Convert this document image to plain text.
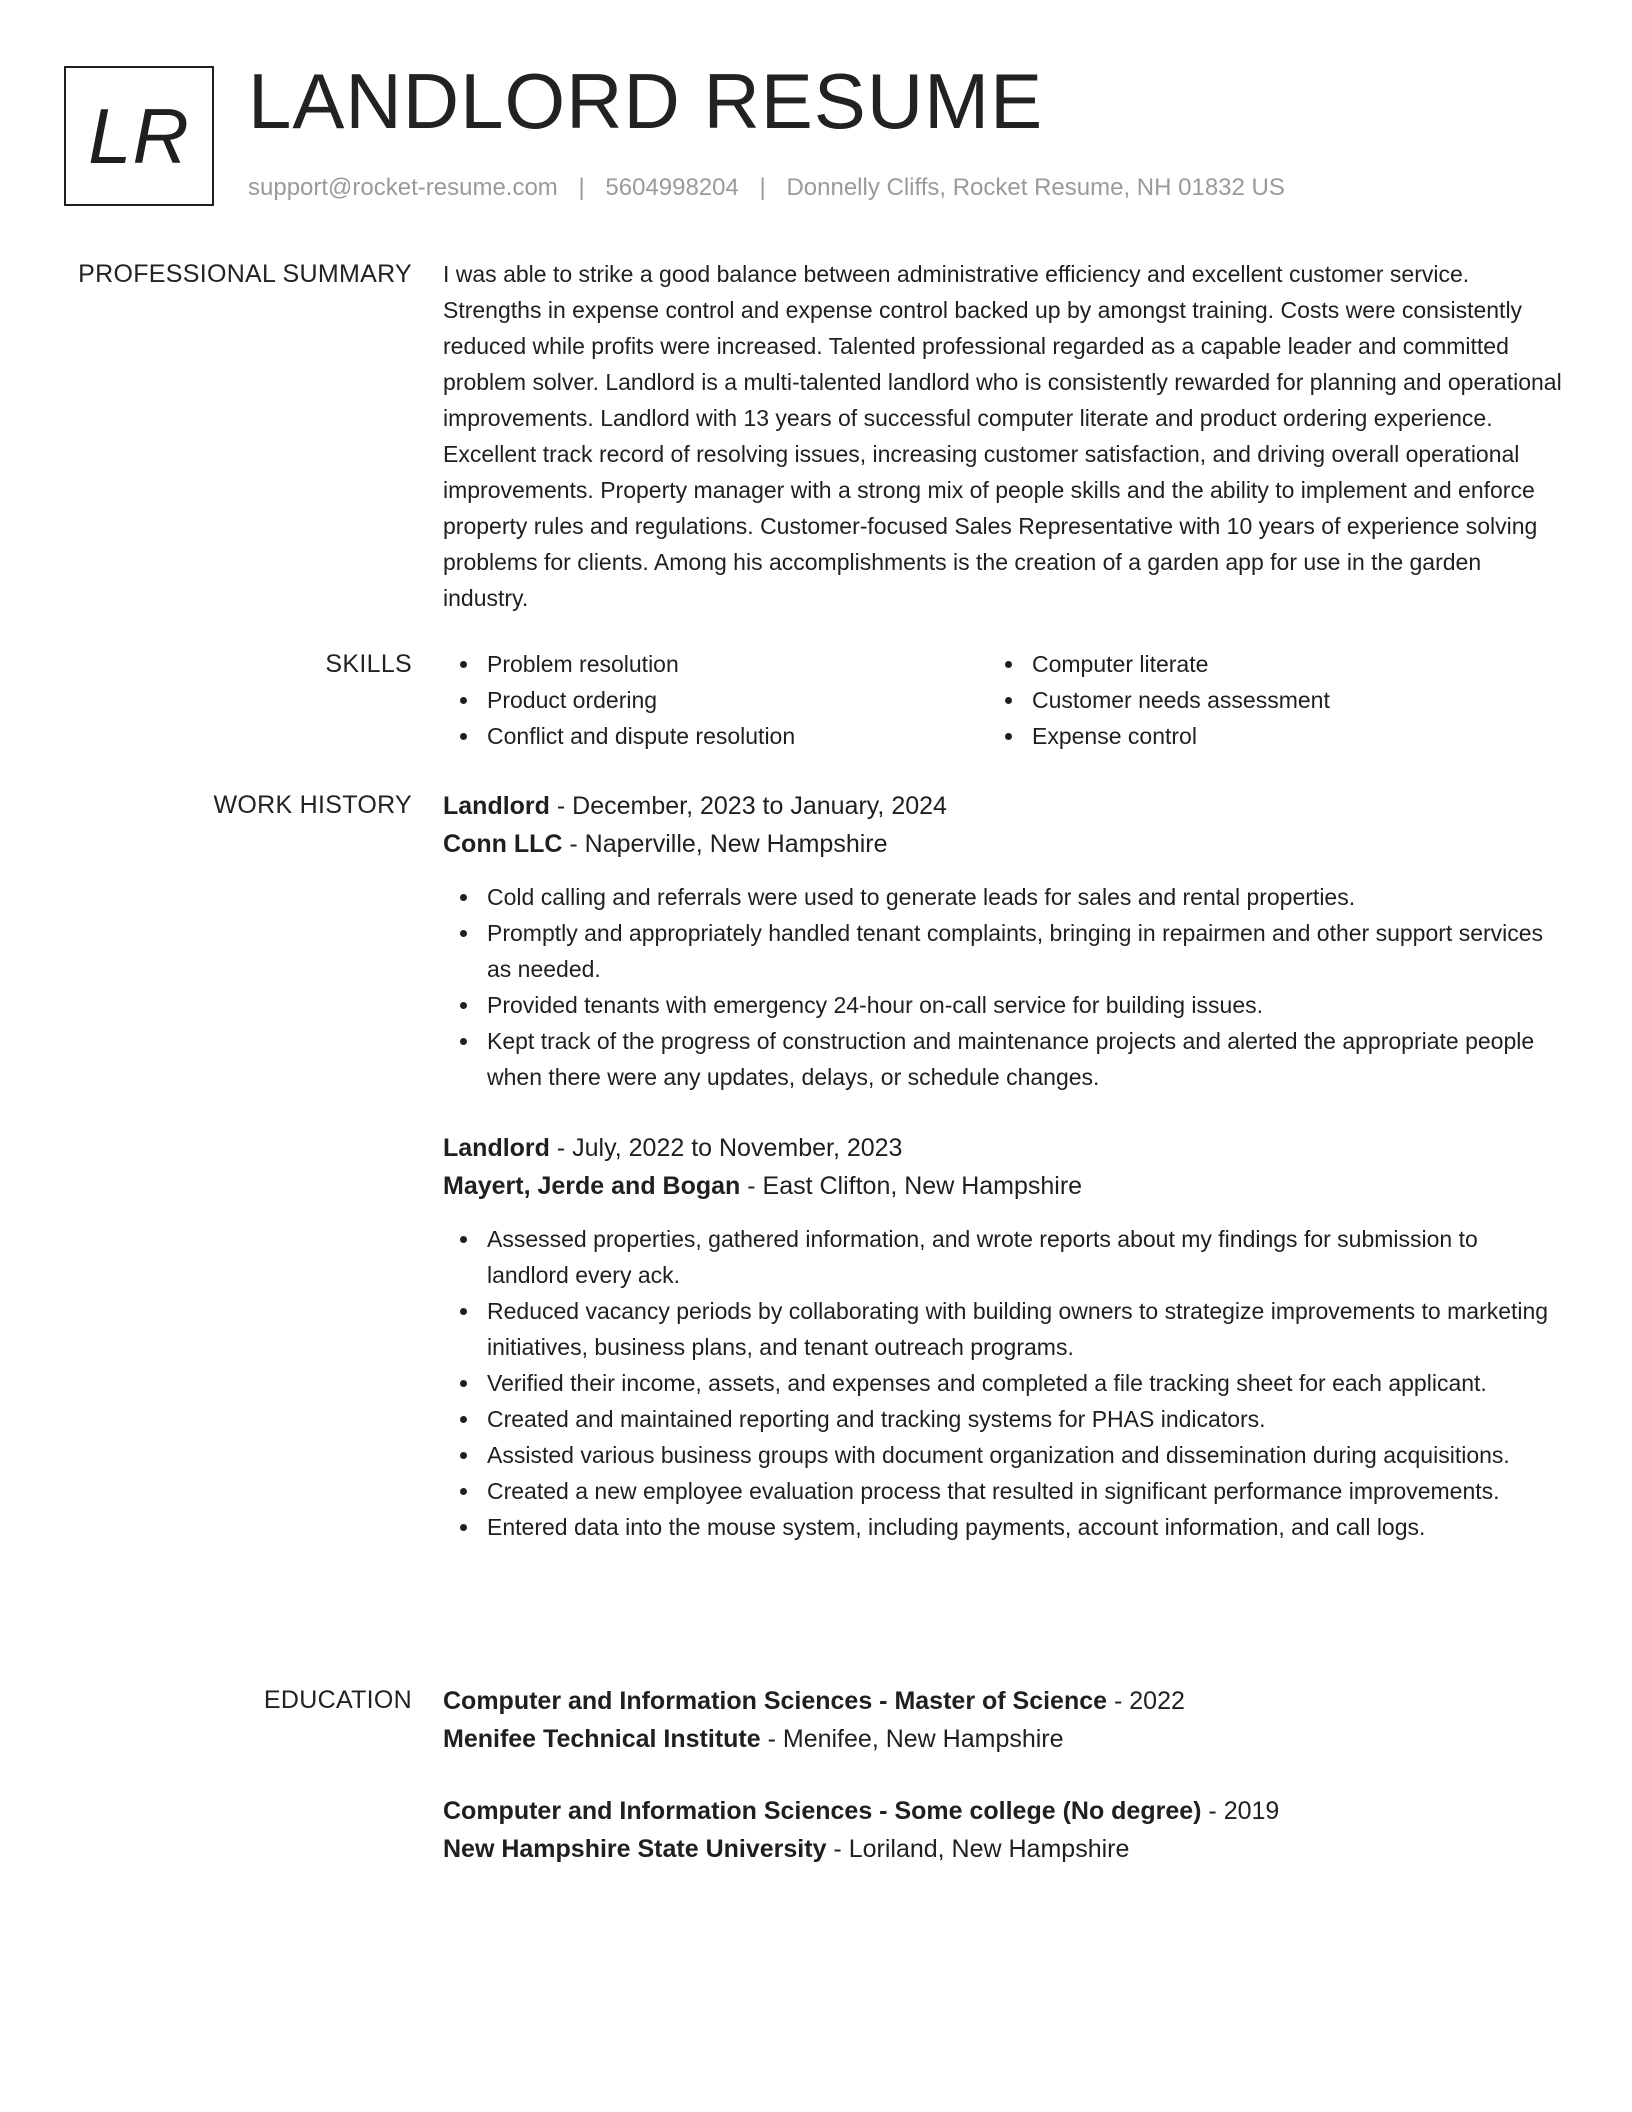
LR LANDLORD RESUME
support@rocket-resume.com | 5604998204 | Donnelly Cliffs, Rocket Resume, NH 01832 US
PROFESSIONAL SUMMARY I was able to strike a good balance between administrative efficiency and excellent customer service. Strengths in expense control and expense control backed up by amongst training. Costs were consistently reduced while profits were increased. Talented professional regarded as a capable leader and committed problem solver. Landlord is a multi-talented landlord who is consistently rewarded for planning and operational improvements. Landlord with 13 years of successful computer literate and product ordering experience. Excellent track record of resolving issues, increasing customer satisfaction, and driving overall operational improvements. Property manager with a strong mix of people skills and the ability to implement and enforce property rules and regulations. Customer-focused Sales Representative with 10 years of experience solving problems for clients. Among his accomplishments is the creation of a garden app for use in the garden industry.

SKILLS	Problem resolution
Product ordering
Conflict and dispute resolution
Computer literate
Customer needs assessment
Expense control
WORK HISTORY Landlord - December, 2023 to January, 2024
Conn LLC - Naperville, New Hampshire
Cold calling and referrals were used to generate leads for sales and rental properties.
Promptly and appropriately handled tenant complaints, bringing in repairmen and other support services as needed.
Provided tenants with emergency 24-hour on-call service for building issues.
Kept track of the progress of construction and maintenance projects and alerted the appropriate people when there were any updates, delays, or schedule changes.
Landlord - July, 2022 to November, 2023
Mayert, Jerde and Bogan - East Clifton, New Hampshire
Assessed properties, gathered information, and wrote reports about my findings for submission to landlord every ack.
Reduced vacancy periods by collaborating with building owners to strategize improvements to marketing initiatives, business plans, and tenant outreach programs.
Verified their income, assets, and expenses and completed a file tracking sheet for each applicant.
Created and maintained reporting and tracking systems for PHAS indicators.
Assisted various business groups with document organization and dissemination during acquisitions.
Created a new employee evaluation process that resulted in significant performance improvements.
Entered data into the mouse system, including payments, account information, and call logs.
EDUCATION Computer and Information Sciences - Master of Science - 2022
Menifee Technical Institute - Menifee, New Hampshire
Computer and Information Sciences - Some college (No degree) - 2019
New Hampshire State University - Loriland, New Hampshire
